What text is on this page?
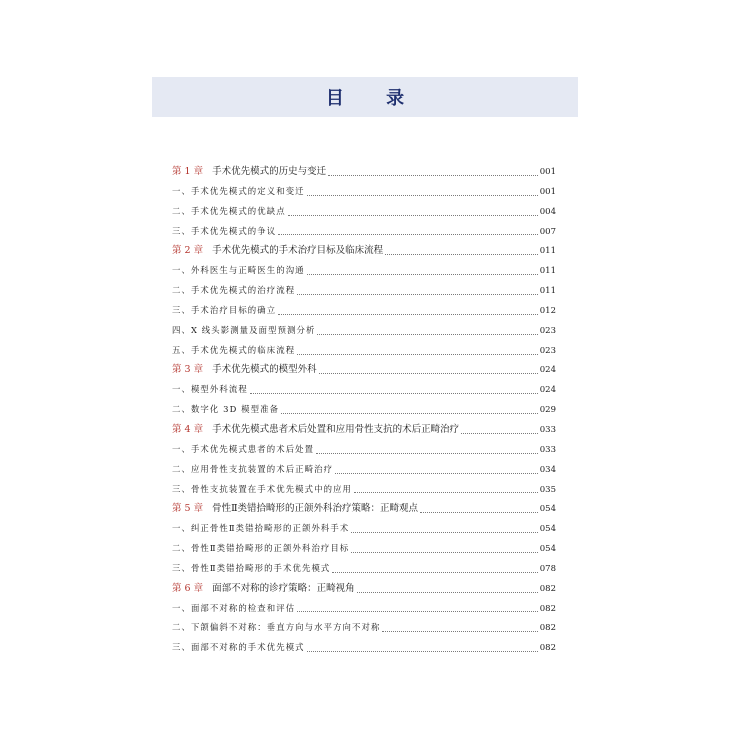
目 录
第 1 章 手术优先模式的历史与变迁	001
一、手术优先模式的定义和变迁	001
二、手术优先模式的优缺点	004
三、手术优先模式的争议	007
第 2 章 手术优先模式的手术治疗目标及临床流程	011
一、外科医生与正畸医生的沟通	011
二、手术优先模式的治疗流程	011
三、手术治疗目标的确立	012
四、X 线头影测量及面型预测分析	023
五、手术优先模式的临床流程	023
第 3 章 手术优先模式的模型外科	024
一、模型外科流程	024
二、数字化 3D 模型准备	029
第 4 章 手术优先模式患者术后处置和应用骨性支抗的术后正畸治疗	033
一、手术优先模式患者的术后处置	033
二、应用骨性支抗装置的术后正畸治疗	034
三、骨性支抗装置在手术优先模式中的应用	035
第 5 章 骨性Ⅱ类错拾畸形的正颌外科治疗策略：正畸观点	054
一、纠正骨性Ⅱ类错拾畸形的正颌外科手术	054
二、骨性Ⅱ类错拾畸形的正颌外科治疗目标	054
三、骨性Ⅱ类错拾畸形的手术优先模式	078
第 6 章 面部不对称的诊疗策略：正畸视角	082
一、面部不对称的检查和评估	082
二、下颌偏斜不对称：垂直方向与水平方向不对称	082
三、面部不对称的手术优先模式	082
